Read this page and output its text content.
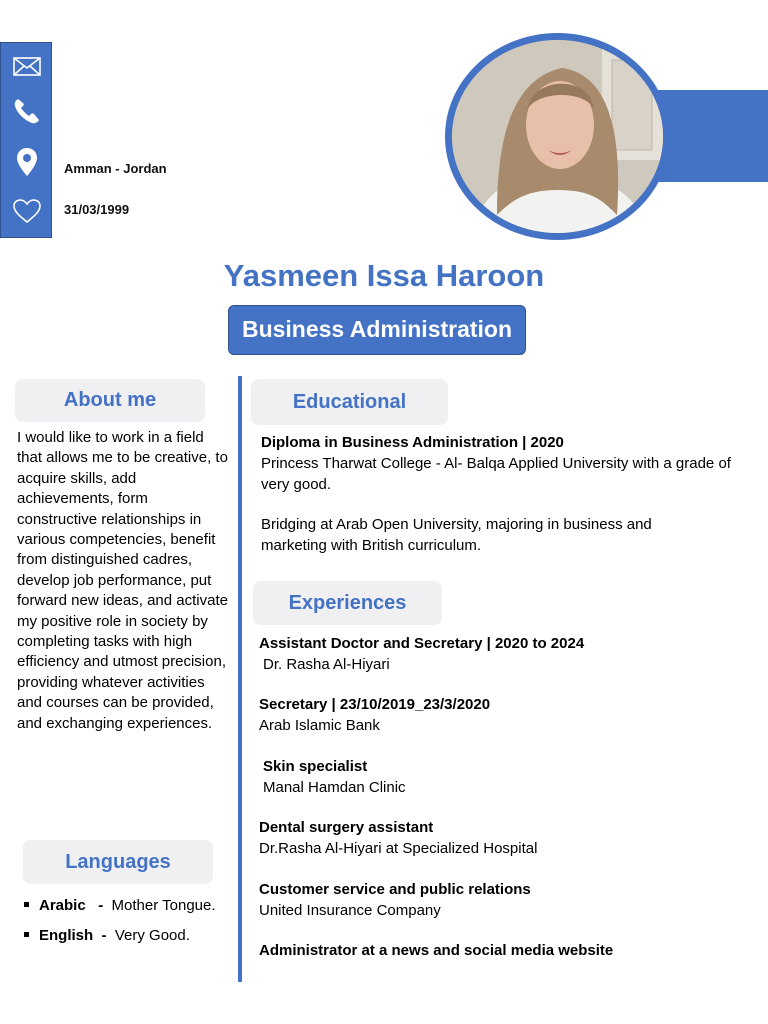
Amman - Jordan
31/03/1999
Yasmeen Issa Haroon
Business Administration
About me	Educational
Experiences
Languages

I would like to work in a field that allows me to be creative, to acquire skills, add achievements, form constructive relationships in various competencies, benefit from distinguished cadres, develop job performance, put forward new ideas, and activate my positive role in society by completing tasks with high efficiency and utmost precision, providing whatever activities and courses can be provided, and exchanging experiences.

Arabic - Mother Tongue.
English - Very Good.
Diploma in Business Administration | 2020
Princess Tharwat College - Al- Balqa Applied University with a grade of very good.
Bridging at Arab Open University, majoring in business and marketing with British curriculum.
Assistant Doctor and Secretary | 2020 to 2024
Dr. Rasha Al-Hiyari
Secretary | 23/10/2019_23/3/2020
Arab Islamic Bank
Skin specialist
Manal Hamdan Clinic
Dental surgery assistant
Dr.Rasha Al-Hiyari at Specialized Hospital
Customer service and public relations
United Insurance Company
Administrator at a news and social media website
